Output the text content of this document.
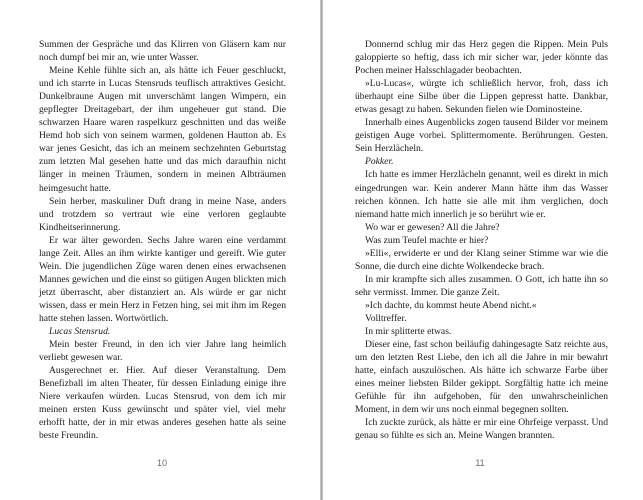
Summen der Gespräche und das Klirren von Gläsern kam nur noch dumpf bei mir an, wie unter Wasser.

Meine Kehle fühlte sich an, als hätte ich Feuer geschluckt, und ich starrte in Lucas Stensruds teuflisch attraktives Gesicht. Dunkelbraune Augen mit unverschämt langen Wimpern, ein gepflegter Dreitagebart, der ihm ungeheuer gut stand. Die schwarzen Haare waren raspelkurz geschnitten und das weiße Hemd hob sich von seinem warmen, goldenen Hautton ab. Es war jenes Gesicht, das ich an meinem sechzehnten Geburtstag zum letzten Mal gesehen hatte und das mich daraufhin nicht länger in meinen Träumen, sondern in meinen Albträumen heimgesucht hatte.

Sein herber, maskuliner Duft drang in meine Nase, anders und trotzdem so vertraut wie eine verloren geglaubte Kindheitserinnerung.

Er war älter geworden. Sechs Jahre waren eine verdammt lange Zeit. Alles an ihm wirkte kantiger und gereift. Wie guter Wein. Die jugendlichen Züge waren denen eines erwachsenen Mannes gewichen und die einst so gütigen Augen blickten mich jetzt überrascht, aber distanziert an. Als würde er gar nicht wissen, dass er mein Herz in Fetzen hing, sei mit ihm im Regen hatte stehen lassen. Wortwörtlich.

Lucas Stensrud.

Mein bester Freund, in den ich vier Jahre lang heimlich verliebt gewesen war.

Ausgerechnet er. Hier. Auf dieser Veranstaltung. Dem Benefizball im alten Theater, für dessen Einladung einige ihre Niere verkaufen würden. Lucas Stensrud, von dem ich mir meinen ersten Kuss gewünscht und später viel, viel mehr erhofft hatte, der in mir etwas anderes gesehen hatte als seine beste Freundin.

10

Donnernd schlug mir das Herz gegen die Rippen. Mein Puls galoppierte so heftig, dass ich mir sicher war, jeder könnte das Pochen meiner Halsschlagader beobachten.

»Lu-Lucas«, würgte ich schließlich hervor, froh, dass ich überhaupt eine Silbe über die Lippen gepresst hatte. Dankbar, etwas gesagt zu haben. Sekunden fielen wie Dominosteine.

Innerhalb eines Augenblicks zogen tausend Bilder vor meinem geistigen Auge vorbei. Splittermomente. Berührungen. Gesten. Sein Herzlächeln.

Pokker.

Ich hatte es immer Herzlächeln genannt, weil es direkt in mich eingedrungen war. Kein anderer Mann hätte ihm das Wasser reichen können. Ich hatte sie alle mit ihm verglichen, doch niemand hatte mich innerlich je so berührt wie er.

Wo war er gewesen? All die Jahre?

Was zum Teufel machte er hier?

»Elli«, erwiderte er und der Klang seiner Stimme war wie die Sonne, die durch eine dichte Wolkendecke brach.

In mir krampfte sich alles zusammen. O Gott, ich hatte ihn so sehr vermisst. Immer. Die ganze Zeit.

»Ich dachte, du kommst heute Abend nicht.«

Volltreffer.

In mir splitterte etwas.

Dieser eine, fast schon beiläufig dahingesagte Satz reichte aus, um den letzten Rest Liebe, den ich all die Jahre in mir bewahrt hatte, einfach auszulöschen. Als hätte ich schwarze Farbe über eines meiner liebsten Bilder gekippt. Sorgfältig hatte ich meine Gefühle für ihn aufgehoben, für den unwahrscheinlichen Moment, in dem wir uns noch einmal begegnen sollten.

Ich zuckte zurück, als hätte er mir eine Ohrfeige verpasst. Und genau so fühlte es sich an. Meine Wangen brannten.

11
